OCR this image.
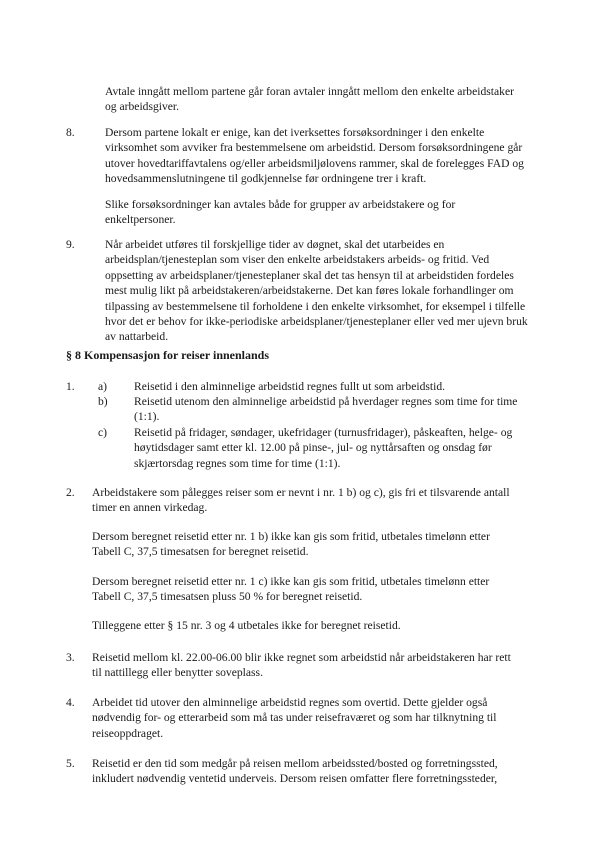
Avtale inngått mellom partene går foran avtaler inngått mellom den enkelte arbeidstaker og arbeidsgiver.

8.	Dersom partene lokalt er enige, kan det iverksettes forsøksordninger i den enkelte virksomhet som avviker fra bestemmelsene om arbeidstid. Dersom forsøksordningene går utover hovedtariffavtalens og/eller arbeidsmiljølovens rammer, skal de forelegges FAD og hovedsammenslutningene til godkjennelse før ordningene trer i kraft.

Slike forsøksordninger kan avtales både for grupper av arbeidstakere og for enkeltpersoner.

9.	Når arbeidet utføres til forskjellige tider av døgnet, skal det utarbeides en arbeidsplan/tjenesteplan som viser den enkelte arbeidstakers arbeids- og fritid. Ved oppsetting av arbeidsplaner/tjenesteplaner skal det tas hensyn til at arbeidstiden fordeles mest mulig likt på arbeidstakeren/arbeidstakerne. Det kan føres lokale forhandlinger om tilpassing av bestemmelsene til forholdene i den enkelte virksomhet, for eksempel i tilfelle hvor det er behov for ikke-periodiske arbeidsplaner/tjenesteplaner eller ved mer ujevn bruk av nattarbeid.

§ 8 Kompensasjon for reiser innenlands
1. a) Reisetid i den alminnelige arbeidstid regnes fullt ut som arbeidstid.

b) Reisetid utenom den alminnelige arbeidstid på hverdager regnes som time for time (1:1).

c) Reisetid på fridager, søndager, ukefridager (turnusfridager), påskeaften, helge- og høytidsdager samt etter kl. 12.00 på pinse-, jul- og nyttårsaften og onsdag før skjærtorsdag regnes som time for time (1:1).

2. Arbeidstakere som pålegges reiser som er nevnt i nr. 1 b) og c), gis fri et tilsvarende antall timer en annen virkedag.

Dersom beregnet reisetid etter nr. 1 b) ikke kan gis som fritid, utbetales timelønn etter Tabell C, 37,5 timesatsen for beregnet reisetid.

Dersom beregnet reisetid etter nr. 1 c) ikke kan gis som fritid, utbetales timelønn etter Tabell C, 37,5 timesatsen pluss 50 % for beregnet reisetid.

Tilleggene etter § 15 nr. 3 og 4 utbetales ikke for beregnet reisetid.

3. Reisetid mellom kl. 22.00-06.00 blir ikke regnet som arbeidstid når arbeidstakeren har rett til nattillegg eller benytter soveplass.

4. Arbeidet tid utover den alminnelige arbeidstid regnes som overtid. Dette gjelder også nødvendig for- og etterarbeid som må tas under reisefraværet og som har tilknytning til reiseoppdraget.

5. Reisetid er den tid som medgår på reisen mellom arbeidssted/bosted og forretningssted, inkludert nødvendig ventetid underveis. Dersom reisen omfatter flere forretningssteder,
